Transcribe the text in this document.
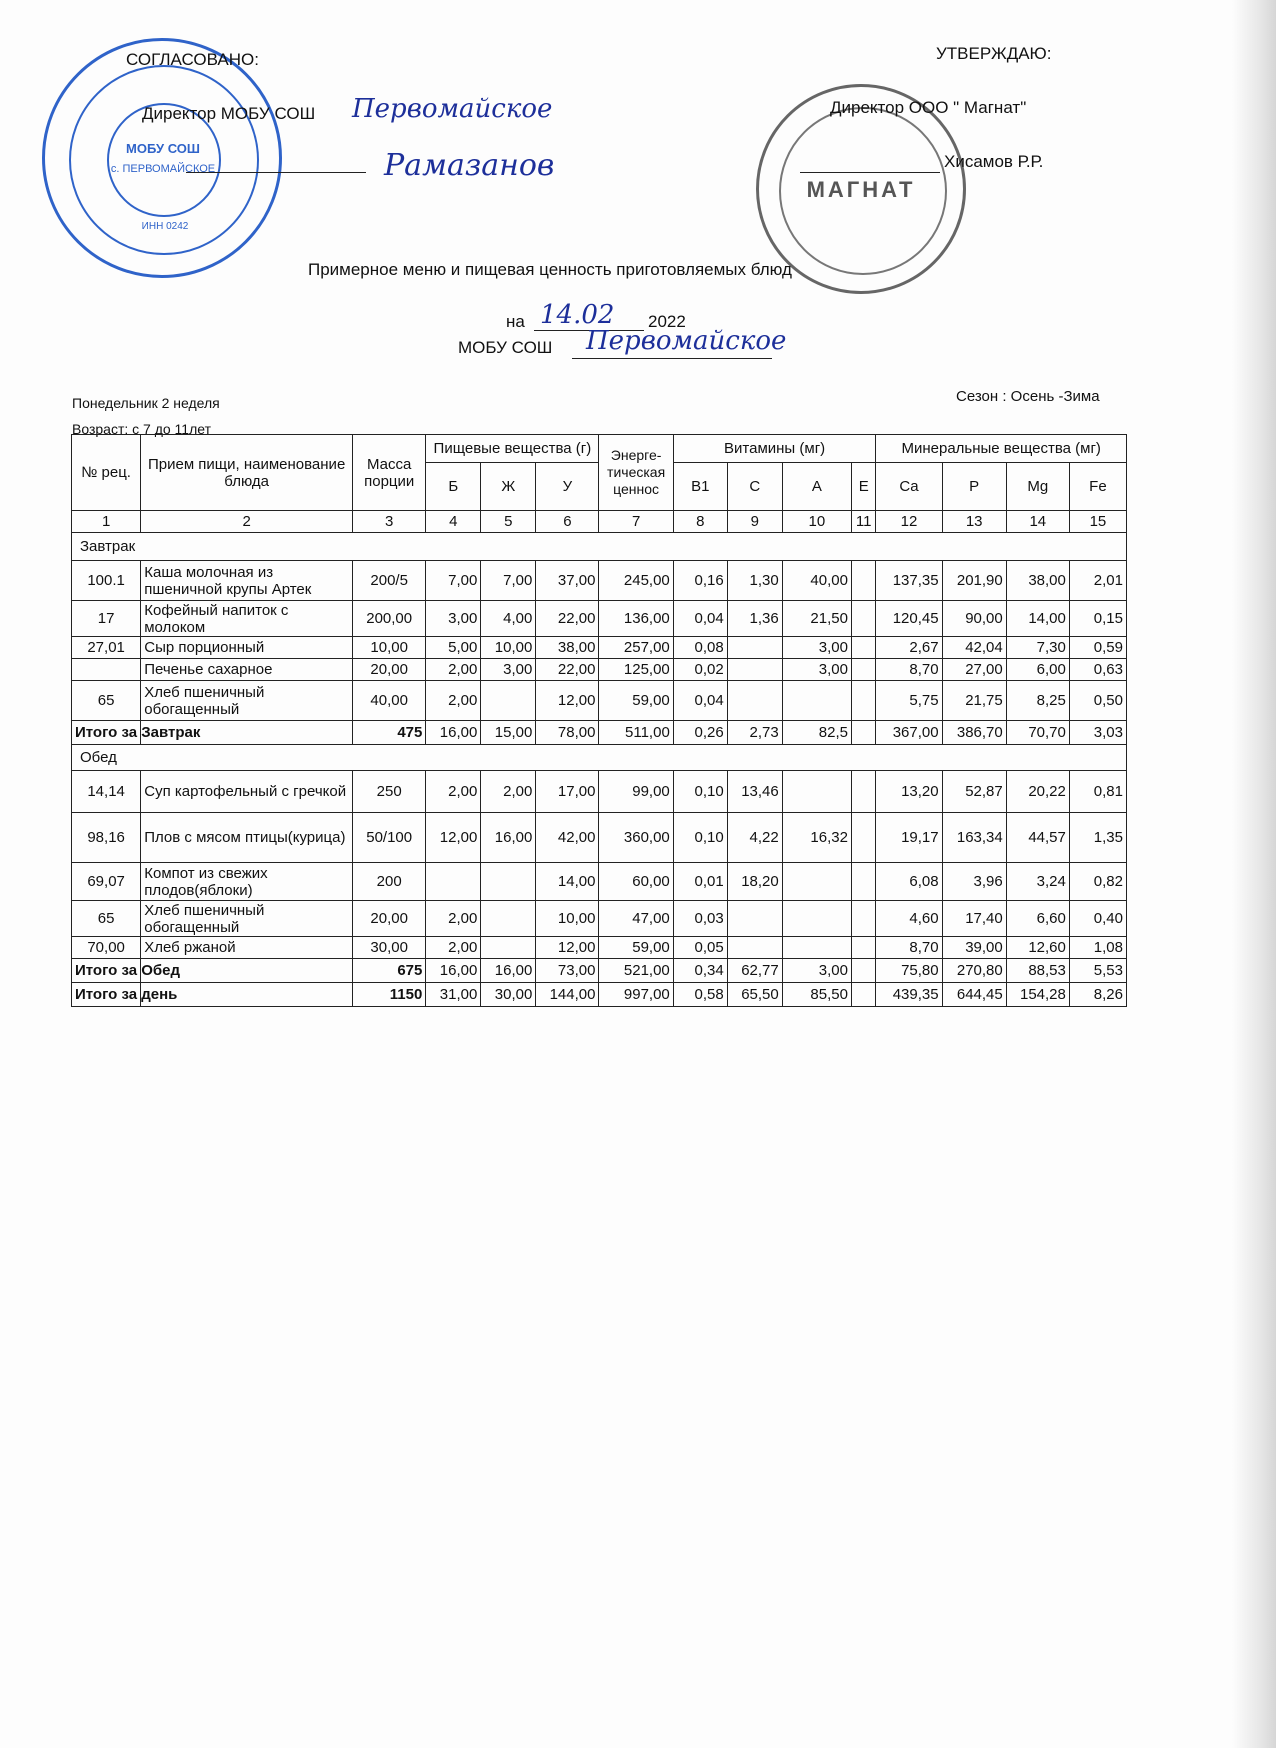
МОБУ СОШ
с. ПЕРВОМАЙСКОЕ
ИНН 0242
МАГНАТ
СОГЛАСОВАНО:
Директор МОБУ СОШ Первомайское
Рамазанов
УТВЕРЖДАЮ:
Директор ООО " Магнат"
Хисамов Р.Р.
Примерное меню и пищевая ценность приготовляемых блюд
на 14.02 2022
МОБУ СОШ Первомайское
Понедельник 2 неделя	Сезон : Осень -Зима
Возраст: с 7 до 11лет
№ рец.	Прием пищи, наименование блюда	Масса порции	Пищевые вещества (г)			Энерге-тическая ценнос	Витамины (мг)				Минеральные вещества (мг)			
			Б	Ж	У		B1	C	A	E	Ca	P	Mg	Fe
1	2	3	4	5	6	7	8	9	10	11	12	13	14	15
Завтрак														
100.1	Каша молочная из пшеничной крупы Артек	200/5	7,00	7,00	37,00	245,00	0,16	1,30	40,00		137,35	201,90	38,00	2,01
17	Кофейный напиток с молоком	200,00	3,00	4,00	22,00	136,00	0,04	1,36	21,50		120,45	90,00	14,00	0,15
27,01	Сыр порционный	10,00	5,00	10,00	38,00	257,00	0,08		3,00		2,67	42,04	7,30	0,59
	Печенье сахарное	20,00	2,00	3,00	22,00	125,00	0,02		3,00		8,70	27,00	6,00	0,63
65	Хлеб пшеничный обогащенный	40,00	2,00		12,00	59,00	0,04				5,75	21,75	8,25	0,50
Итого за Завтрак		475	16,00	15,00	78,00	511,00	0,26	2,73	82,5		367,00	386,70	70,70	3,03
Обед														
14,14	Суп картофельный с гречкой	250	2,00	2,00	17,00	99,00	0,10	13,46			13,20	52,87	20,22	0,81
98,16	Плов с мясом птицы(курица)	50/100	12,00	16,00	42,00	360,00	0,10	4,22	16,32		19,17	163,34	44,57	1,35
69,07	Компот из свежих плодов(яблоки)	200			14,00	60,00	0,01	18,20			6,08	3,96	3,24	0,82
65	Хлеб пшеничный обогащенный	20,00	2,00		10,00	47,00	0,03				4,60	17,40	6,60	0,40
70,00	Хлеб ржаной	30,00	2,00		12,00	59,00	0,05				8,70	39,00	12,60	1,08
Итого за Обед		675	16,00	16,00	73,00	521,00	0,34	62,77	3,00		75,80	270,80	88,53	5,53
Итого за день		1150	31,00	30,00	144,00	997,00	0,58	65,50	85,50		439,35	644,45	154,28	8,26
